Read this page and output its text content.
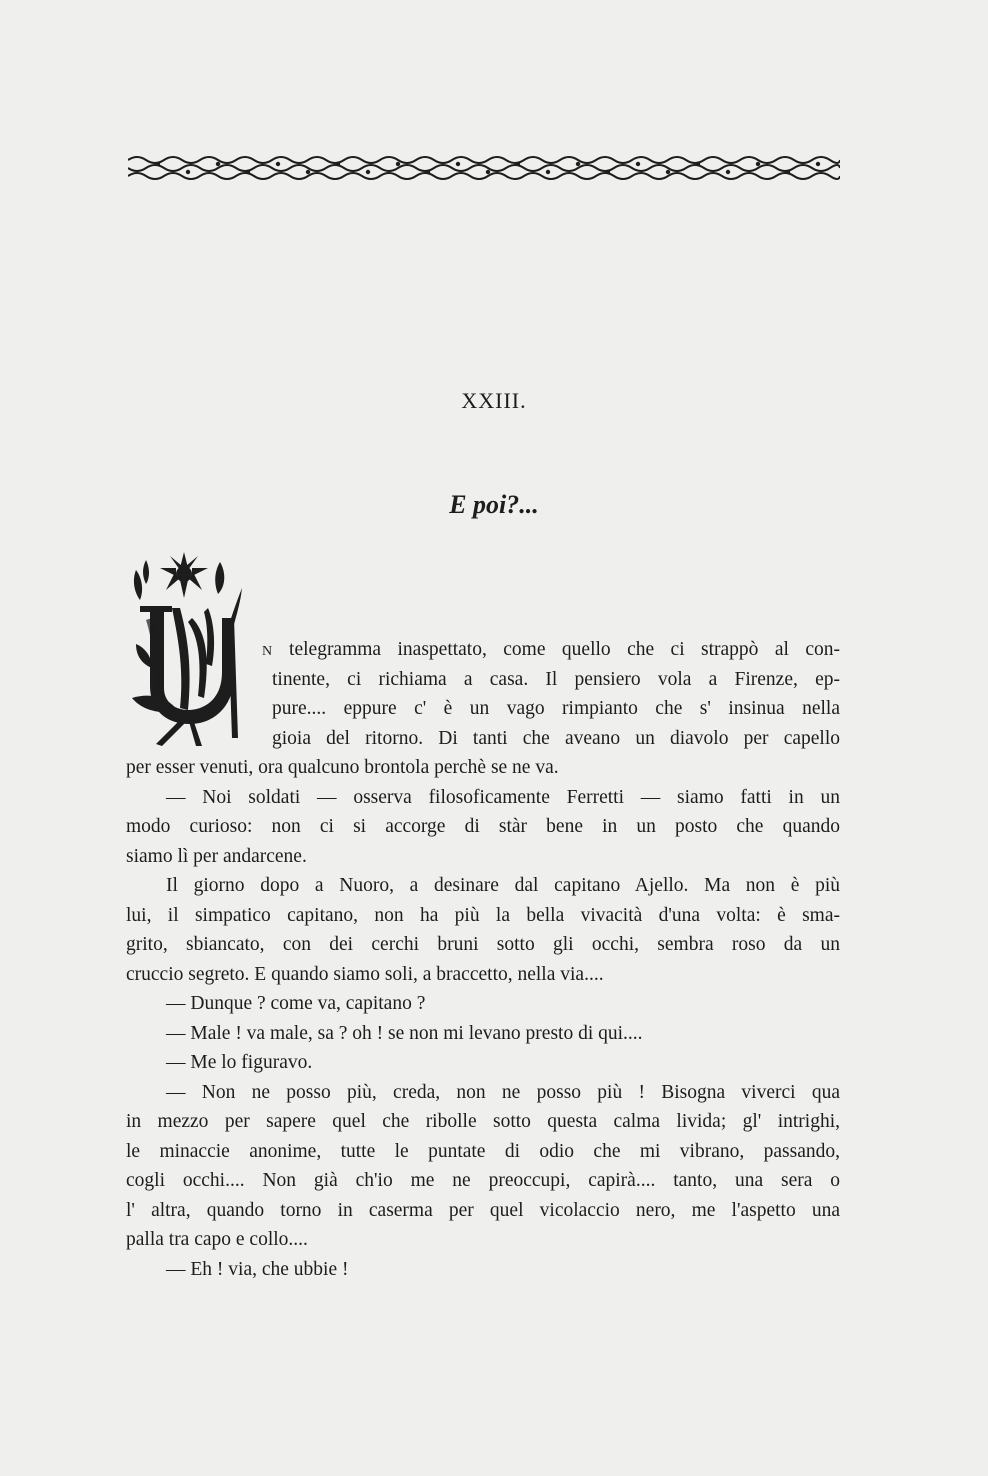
XXIII.
E poi?...
N telegramma inaspettato, come quello che ci strappò al con-
tinente, ci richiama a casa. Il pensiero vola a Firenze, ep-
pure.... eppure c' è un vago rimpianto che s' insinua nella
gioia del ritorno. Di tanti che aveano un diavolo per capello
per esser venuti, ora qualcuno brontola perchè se ne va.
— Noi soldati — osserva filosoficamente Ferretti — siamo fatti in un
modo curioso: non ci si accorge di stàr bene in un posto che quando
siamo lì per andarcene.
Il giorno dopo a Nuoro, a desinare dal capitano Ajello. Ma non è più
lui, il simpatico capitano, non ha più la bella vivacità d'una volta: è sma-
grito, sbiancato, con dei cerchi bruni sotto gli occhi, sembra roso da un
cruccio segreto. E quando siamo soli, a braccetto, nella via....
— Dunque ? come va, capitano ?
— Male ! va male, sa ? oh ! se non mi levano presto di qui....
— Me lo figuravo.
— Non ne posso più, creda, non ne posso più ! Bisogna viverci qua
in mezzo per sapere quel che ribolle sotto questa calma livida; gl' intrighi,
le minaccie anonime, tutte le puntate di odio che mi vibrano, passando,
cogli occhi.... Non già ch'io me ne preoccupi, capirà.... tanto, una sera o
l' altra, quando torno in caserma per quel vicolaccio nero, me l'aspetto una
palla tra capo e collo....
— Eh ! via, che ubbie !
